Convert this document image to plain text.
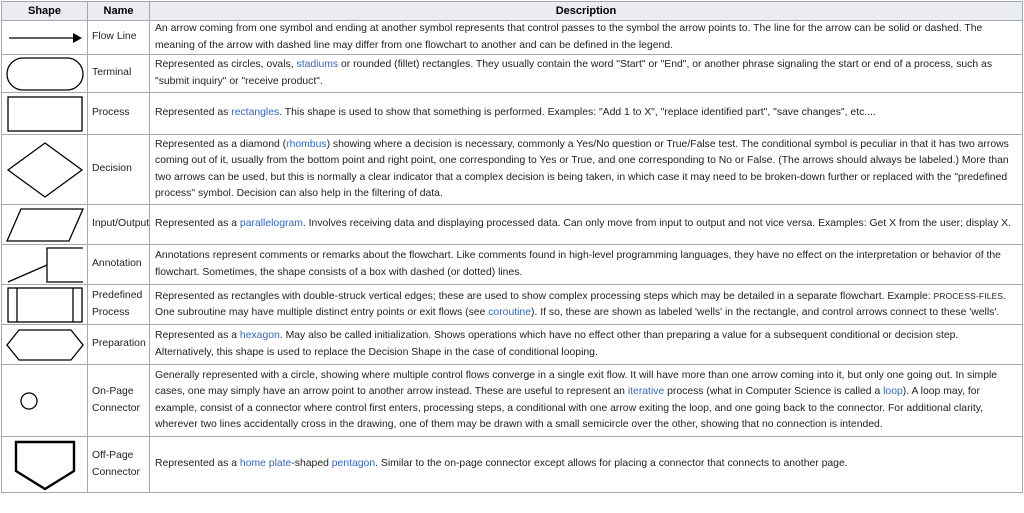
Shape	Name	Description

	Flow Line	An arrow coming from one symbol and ending at another symbol represents that control passes to the symbol the arrow points to. The line for the arrow can be solid or dashed. The meaning of the arrow with dashed line may differ from one flowchart to another and can be defined in the legend.

	Terminal	Represented as circles, ovals, stadiums or rounded (fillet) rectangles. They usually contain the word "Start" or "End", or another phrase signaling the start or end of a process, such as "submit inquiry" or "receive product".

	Process	Represented as rectangles. This shape is used to show that something is performed. Examples: "Add 1 to X", "replace identified part", "save changes", etc....

	Decision	Represented as a diamond (rhombus) showing where a decision is necessary, commonly a Yes/No question or True/False test. The conditional symbol is peculiar in that it has two arrows coming out of it, usually from the bottom point and right point, one corresponding to Yes or True, and one corresponding to No or False. (The arrows should always be labeled.) More than two arrows can be used, but this is normally a clear indicator that a complex decision is being taken, in which case it may need to be broken-down further or replaced with the "predefined process" symbol. Decision can also help in the filtering of data.

	Input/Output	Represented as a parallelogram. Involves receiving data and displaying processed data. Can only move from input to output and not vice versa. Examples: Get X from the user; display X.

	Annotation	Annotations represent comments or remarks about the flowchart. Like comments found in high-level programming languages, they have no effect on the interpretation or behavior of the flowchart. Sometimes, the shape consists of a box with dashed (or dotted) lines.

	Predefined Process	Represented as rectangles with double-struck vertical edges; these are used to show complex processing steps which may be detailed in a separate flowchart. Example: PROCESS-FILES. One subroutine may have multiple distinct entry points or exit flows (see coroutine). If so, these are shown as labeled 'wells' in the rectangle, and control arrows connect to these 'wells'.

	Preparation	Represented as a hexagon. May also be called initialization. Shows operations which have no effect other than preparing a value for a subsequent conditional or decision step. Alternatively, this shape is used to replace the Decision Shape in the case of conditional looping.

	On-Page Connector	Generally represented with a circle, showing where multiple control flows converge in a single exit flow. It will have more than one arrow coming into it, but only one going out. In simple cases, one may simply have an arrow point to another arrow instead. These are useful to represent an iterative process (what in Computer Science is called a loop). A loop may, for example, consist of a connector where control first enters, processing steps, a conditional with one arrow exiting the loop, and one going back to the connector. For additional clarity, wherever two lines accidentally cross in the drawing, one of them may be drawn with a small semicircle over the other, showing that no connection is intended.

	Off-Page Connector	Represented as a home plate-shaped pentagon. Similar to the on-page connector except allows for placing a connector that connects to another page.
